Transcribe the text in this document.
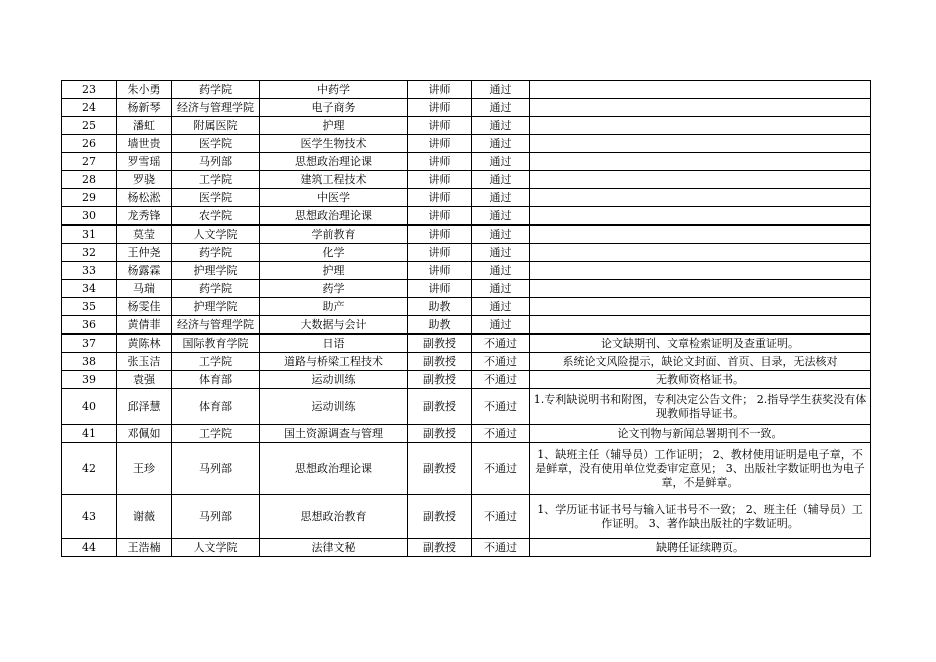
23	朱小勇	药学院	中药学	讲师	通过	
24	杨新琴	经济与管理学院	电子商务	讲师	通过	
25	潘虹	附属医院	护理	讲师	通过	
26	墙世贵	医学院	医学生物技术	讲师	通过	
27	罗雪瑶	马列部	思想政治理论课	讲师	通过	
28	罗骁	工学院	建筑工程技术	讲师	通过	
29	杨松淞	医学院	中医学	讲师	通过	
30	龙秀锋	农学院	思想政治理论课	讲师	通过	
31	莫莹	人文学院	学前教育	讲师	通过	
32	王仲尧	药学院	化学	讲师	通过	
33	杨露霖	护理学院	护理	讲师	通过	
34	马瑞	药学院	药学	讲师	通过	
35	杨雯佳	护理学院	助产	助教	通过	
36	黄倩菲	经济与管理学院	大数据与会计	助教	通过	
37	黄陈林	国际教育学院	日语	副教授	不通过	论文缺期刊、文章检索证明及查重证明。
38	张玉洁	工学院	道路与桥梁工程技术	副教授	不通过	系统论文风险提示，缺论文封面、首页、目录，无法核对
39	袁强	体育部	运动训练	副教授	不通过	无教师资格证书。
40	邱泽慧	体育部	运动训练	副教授	不通过	1.专利缺说明书和附图，专利决定公告文件； 2.指导学生获奖没有体现教师指导证书。
41	邓佩如	工学院	国土资源调查与管理	副教授	不通过	论文刊物与新闻总署期刊不一致。
42	王珍	马列部	思想政治理论课	副教授	不通过	1、缺班主任（辅导员）工作证明； 2、教材使用证明是电子章，不是鲜章，没有使用单位党委审定意见； 3、出版社字数证明也为电子章，不是鲜章。
43	谢薇	马列部	思想政治教育	副教授	不通过	1、学历证书证书号与输入证书号不一致； 2、班主任（辅导员）工作证明。 3、著作缺出版社的字数证明。
44	王浩楠	人文学院	法律文秘	副教授	不通过	缺聘任证续聘页。
